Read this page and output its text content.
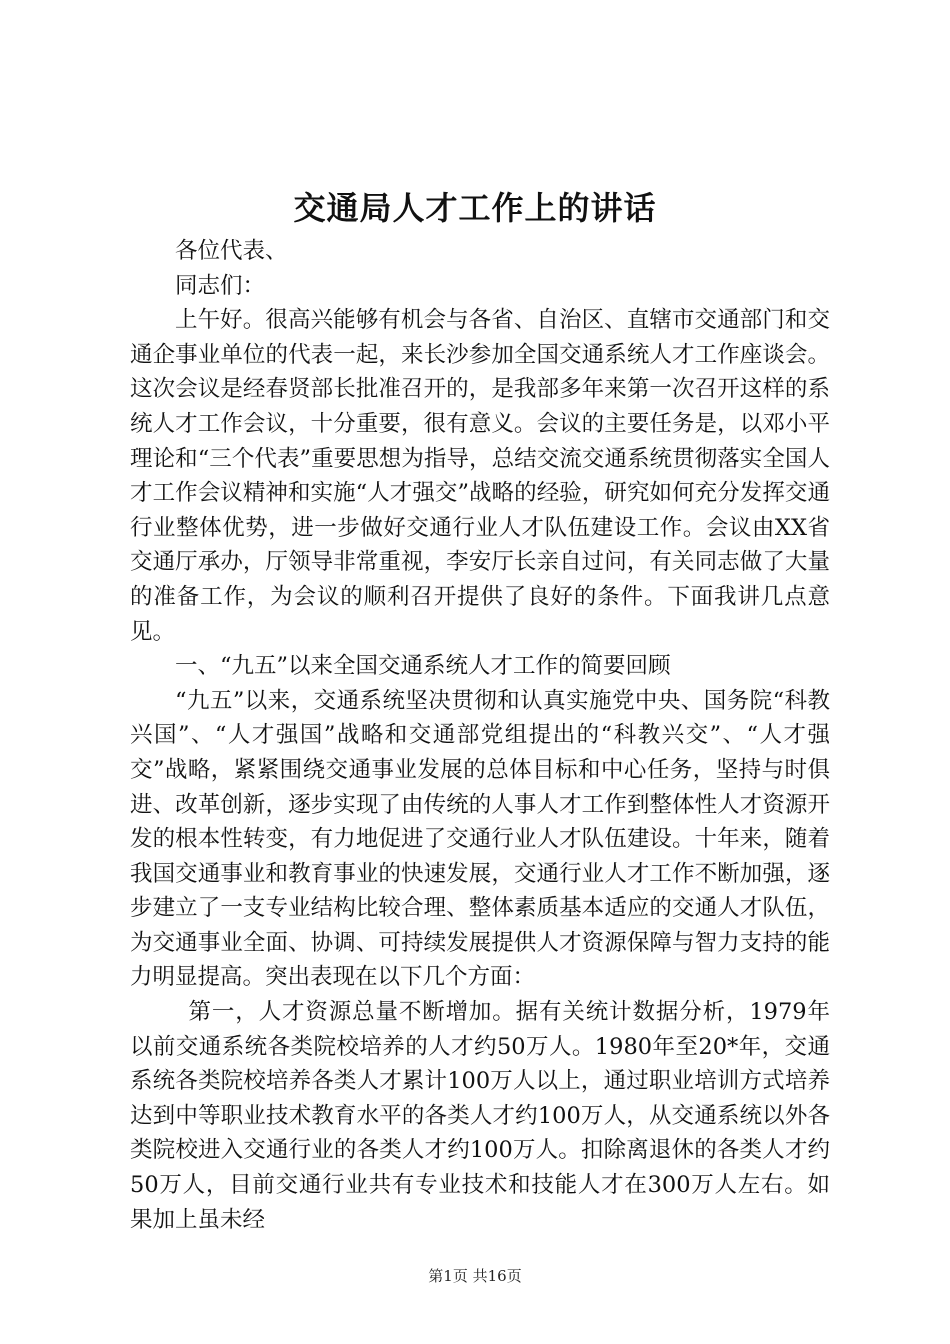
交通局人才工作上的讲话

各位代表、

同志们：

上午好。很高兴能够有机会与各省、自治区、直辖市交通部门和交通企事业单位的代表一起，来长沙参加全国交通系统人才工作座谈会。这次会议是经春贤部长批准召开的，是我部多年来第一次召开这样的系统人才工作会议，十分重要，很有意义。会议的主要任务是，以邓小平理论和“三个代表”重要思想为指导，总结交流交通系统贯彻落实全国人才工作会议精神和实施“人才强交”战略的经验，研究如何充分发挥交通行业整体优势，进一步做好交通行业人才队伍建设工作。会议由XX省交通厅承办，厅领导非常重视，李安厅长亲自过问，有关同志做了大量的准备工作，为会议的顺利召开提供了良好的条件。下面我讲几点意见。

一、“九五”以来全国交通系统人才工作的简要回顾

“九五”以来，交通系统坚决贯彻和认真实施党中央、国务院“科教兴国”、“人才强国”战略和交通部党组提出的“科教兴交”、“人才强交”战略，紧紧围绕交通事业发展的总体目标和中心任务，坚持与时俱进、改革创新，逐步实现了由传统的人事人才工作到整体性人才资源开发的根本性转变，有力地促进了交通行业人才队伍建设。十年来，随着我国交通事业和教育事业的快速发展，交通行业人才工作不断加强，逐步建立了一支专业结构比较合理、整体素质基本适应的交通人才队伍，为交通事业全面、协调、可持续发展提供人才资源保障与智力支持的能力明显提高。突出表现在以下几个方面：

第一，人才资源总量不断增加。据有关统计数据分析，1979年以前交通系统各类院校培养的人才约50万人。1980年至20*年，交通系统各类院校培养各类人才累计100万人以上，通过职业培训方式培养达到中等职业技术教育水平的各类人才约100万人，从交通系统以外各类院校进入交通行业的各类人才约100万人。扣除离退休的各类人才约50万人，目前交通行业共有专业技术和技能人才在300万人左右。如果加上虽未经

第1页 共16页
